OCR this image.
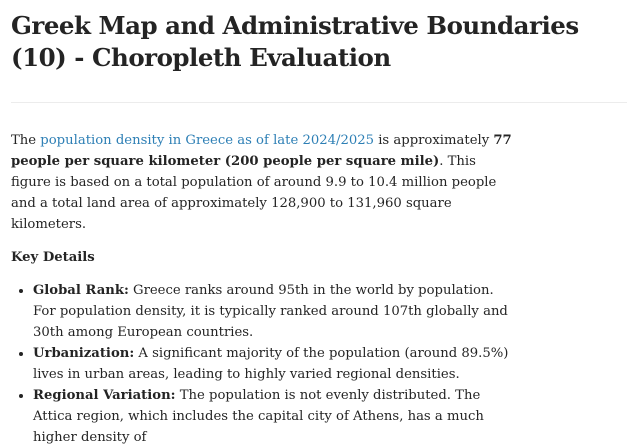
Greek Map and Administrative Boundaries (10) - Choropleth Evaluation

The population density in Greece as of late 2024/2025 is approximately 77 people per square kilometer (200 people per square mile). This figure is based on a total population of around 9.9 to 10.4 million people and a total land area of approximately 128,900 to 131,960 square kilometers.

Key Details

• Global Rank: Greece ranks around 95th in the world by population. For population density, it is typically ranked around 107th globally and 30th among European countries.
• Urbanization: A significant majority of the population (around 89.5%) lives in urban areas, leading to highly varied regional densities.
• Regional Variation: The population is not evenly distributed. The Attica region, which includes the capital city of Athens, has a much higher density of
